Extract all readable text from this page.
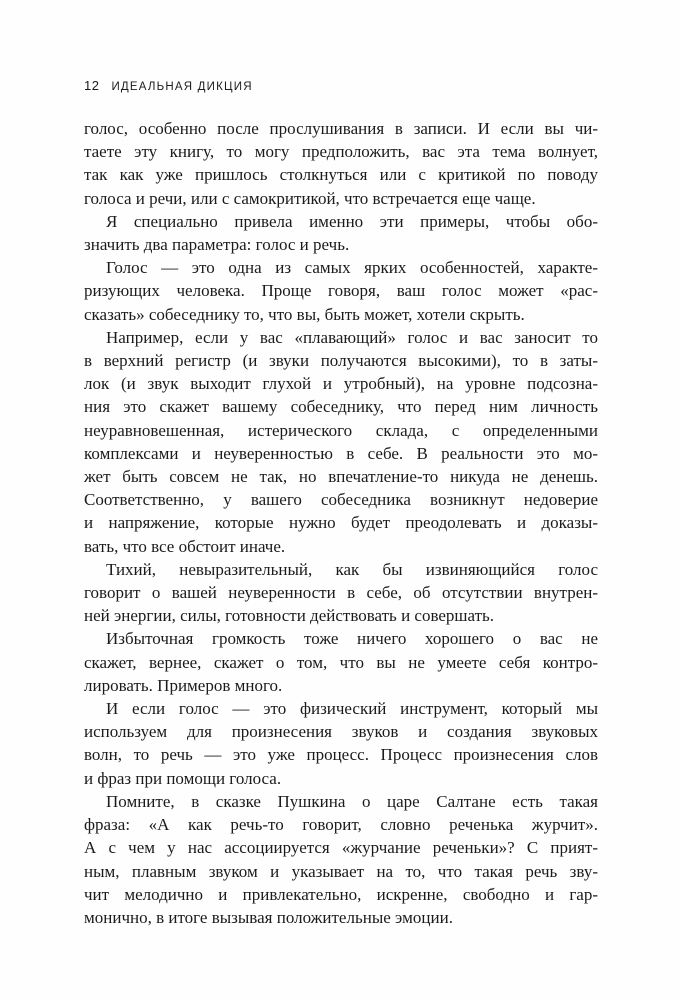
12 ИДЕАЛЬНАЯ ДИКЦИЯ
голос, особенно после прослушивания в записи. И если вы чи-
таете эту книгу, то могу предположить, вас эта тема волнует,
так как уже пришлось столкнуться или с критикой по поводу
голоса и речи, или с самокритикой, что встречается еще чаще.
Я специально привела именно эти примеры, чтобы обо-
значить два параметра: голос и речь.
Голос — это одна из самых ярких особенностей, характе-
ризующих человека. Проще говоря, ваш голос может «рас-
сказать» собеседнику то, что вы, быть может, хотели скрыть.
Например, если у вас «плавающий» голос и вас заносит то
в верхний регистр (и звуки получаются высокими), то в заты-
лок (и звук выходит глухой и утробный), на уровне подсозна-
ния это скажет вашему собеседнику, что перед ним личность
неуравновешенная, истерического склада, с определенными
комплексами и неуверенностью в себе. В реальности это мо-
жет быть совсем не так, но впечатление-то никуда не денешь.
Соответственно, у вашего собеседника возникнут недоверие
и напряжение, которые нужно будет преодолевать и доказы-
вать, что все обстоит иначе.
Тихий, невыразительный, как бы извиняющийся голос
говорит о вашей неуверенности в себе, об отсутствии внутрен-
ней энергии, силы, готовности действовать и совершать.
Избыточная громкость тоже ничего хорошего о вас не
скажет, вернее, скажет о том, что вы не умеете себя контро-
лировать. Примеров много.
И если голос — это физический инструмент, который мы
используем для произнесения звуков и создания звуковых
волн, то речь — это уже процесс. Процесс произнесения слов
и фраз при помощи голоса.
Помните, в сказке Пушкина о царе Салтане есть такая
фраза: «А как речь-то говорит, словно реченька журчит».
А с чем у нас ассоциируется «журчание реченьки»? С прият-
ным, плавным звуком и указывает на то, что такая речь зву-
чит мелодично и привлекательно, искренне, свободно и гар-
монично, в итоге вызывая положительные эмоции.
